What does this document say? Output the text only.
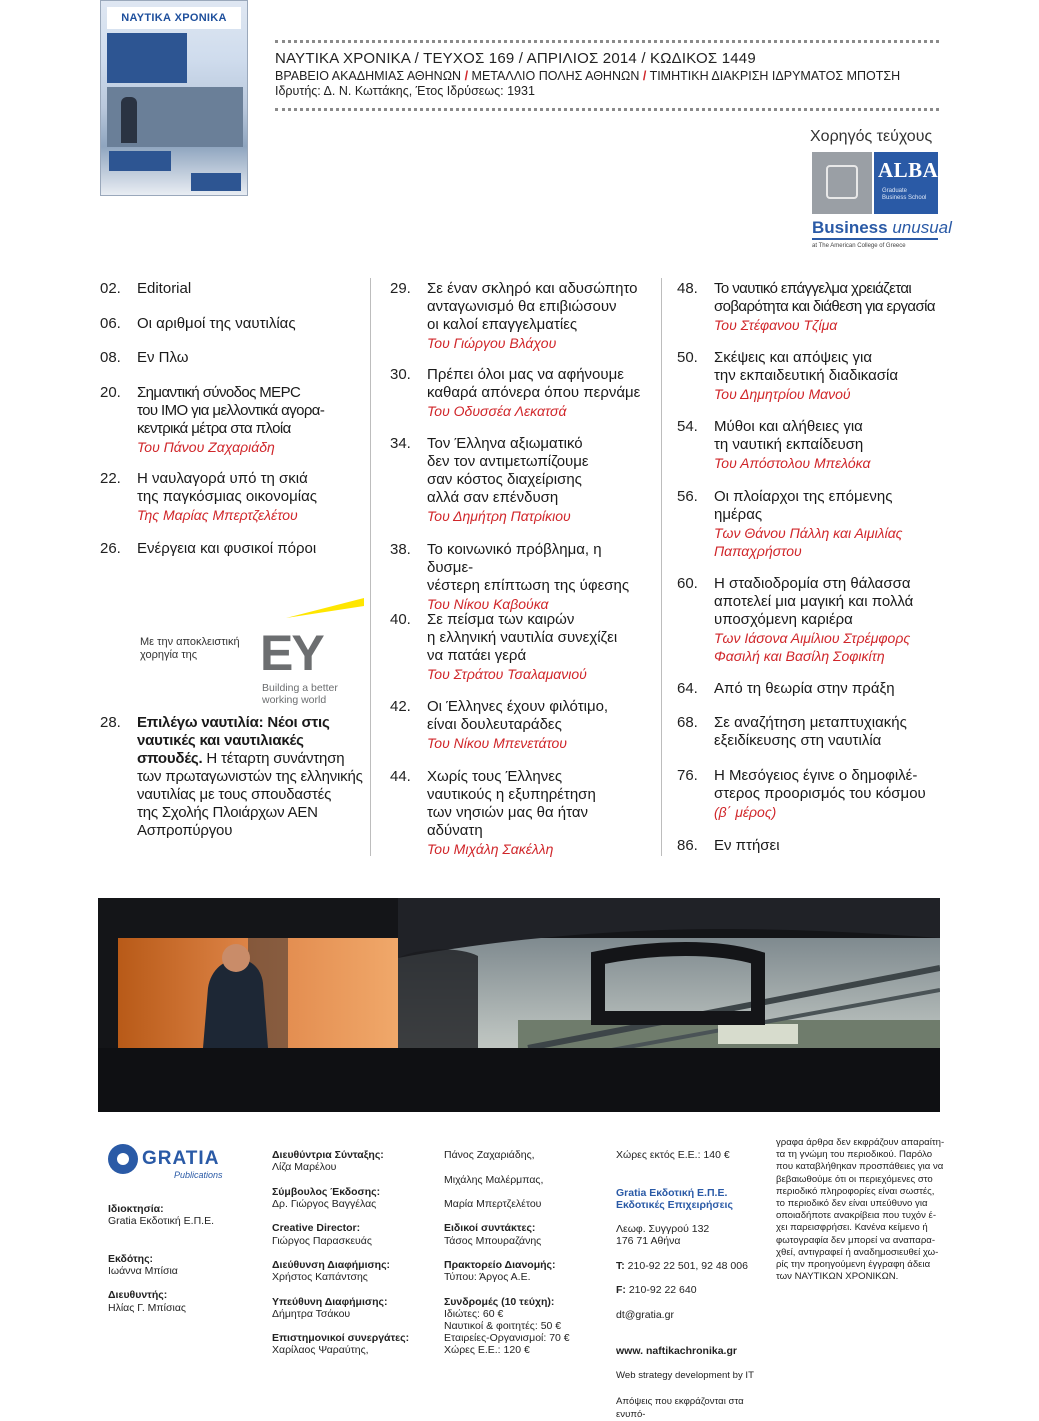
ΝΑΥΤΙΚΑ ΧΡΟΝΙΚΑ
ΝΑΥΤΙΚΑ ΧΡΟΝΙΚΑ / ΤΕΥΧΟΣ 169 / ΑΠΡΙΛΙΟΣ 2014 / ΚΩΔΙΚΟΣ 1449
ΒΡΑΒΕΙΟ ΑΚΑΔΗΜΙΑΣ ΑΘΗΝΩΝ / ΜΕΤΑΛΛΙΟ ΠΟΛΗΣ ΑΘΗΝΩΝ / ΤΙΜΗΤΙΚΗ ΔΙΑΚΡΙΣΗ ΙΔΡΥΜΑΤΟΣ ΜΠΟΤΣΗ
Ιδρυτής: Δ. Ν. Κωττάκης, Έτος Ιδρύσεως: 1931
Χορηγός τεύχους
ALBA
Graduate
Business School
Business unusual
at The American College of Greece
02. Editorial
06. Οι αριθμοί της ναυτιλίας
08. Εν Πλω
20. Σημαντική σύνοδος ΜΕΡC
του ΙΜΟ για μελλοντικά αγορα-
κεντρικά μέτρα στα πλοία
Του Πάνου Ζαχαριάδη
22. Η ναυλαγορά υπό τη σκιά
της παγκόσμιας οικονομίας
Της Μαρίας Μπερτζελέτου
26. Ενέργεια και φυσικοί πόροι
Με την αποκλειστική
χορηγία της	EY
Building a better
working world
28. Επιλέγω ναυτιλία: Νέοι στις
ναυτικές και ναυτιλιακές
σπουδές. Η τέταρτη συνάντηση
των πρωταγωνιστών της ελληνικής
ναυτιλίας με τους σπουδαστές
της Σχολής Πλοιάρχων ΑΕΝ
Ασπροπύργου
29. Σε έναν σκληρό και αδυσώπητο
ανταγωνισμό θα επιβιώσουν
οι καλοί επαγγελματίες
Του Γιώργου Βλάχου
30. Πρέπει όλοι μας να αφήνουμε
καθαρά απόνερα όπου περνάμε
Του Οδυσσέα Λεκατσά
34. Τον Έλληνα αξιωματικό
δεν τον αντιμετωπίζουμε
σαν κόστος διαχείρισης
αλλά σαν επένδυση
Του Δημήτρη Πατρίκιου
38. Το κοινωνικό πρόβλημα, η δυσμε-
νέστερη επίπτωση της ύφεσης
Του Νίκου Καβούκα
40. Σε πείσμα των καιρών
η ελληνική ναυτιλία συνεχίζει
να πατάει γερά
Του Στράτου Τσαλαμανιού
42. Οι Έλληνες έχουν φιλότιμο,
είναι δουλευταράδες
Του Νίκου Μπενετάτου
44. Χωρίς τους Έλληνες
ναυτικούς η εξυπηρέτηση
των νησιών μας θα ήταν
αδύνατη
Του Μιχάλη Σακέλλη
48. Το ναυτικό επάγγελμα χρειάζεται
σοβαρότητα και διάθεση για εργασία
Του Στέφανου Τζίμα
50. Σκέψεις και απόψεις για
την εκπαιδευτική διαδικασία
Του Δημητρίου Μανού
54. Μύθοι και αλήθειες για
τη ναυτική εκπαίδευση
Του Απόστολου Μπελόκα
56. Οι πλοίαρχοι της επόμενης
ημέρας
Των Θάνου Πάλλη και Αιμιλίας
Παπαχρήστου
60. Η σταδιοδρομία στη θάλασσα
αποτελεί μια μαγική και πολλά
υποσχόμενη καριέρα
Των Ιάσονα Αιμίλιου Στρέμφορς
Φασιλή και Βασίλη Σοφικίτη
64. Από τη θεωρία στην πράξη
68. Σε αναζήτηση μεταπτυχιακής
εξειδίκευσης στη ναυτιλία
76. Η Μεσόγειος έγινε ο δημοφιλέ-
στερος προορισμός του κόσμου
(β΄ μέρος)
86. Εν πτήσει
GRATIA
Publications

Ιδιοκτησία:
Gratia Εκδοτική Ε.Π.Ε.

Εκδότης:
Ιωάννα Μπίσια

Διευθυντής:
Ηλίας Γ. Μπίσιας

Διευθύντρια Σύνταξης:
Λίζα Μαρέλου

Σύμβουλος Έκδοσης:
Δρ. Γιώργος Βαγγέλας

Creative Director:
Γιώργος Παρασκευάς

Διεύθυνση Διαφήμισης:
Χρήστος Καπάντσης

Υπεύθυνη Διαφήμισης:
Δήμητρα Τσάκου

Επιστημονικοί συνεργάτες:
Χαρίλαος Ψαραύτης,

Πάνος Ζαχαριάδης,

Μιχάλης Μαλέρμπας,

Μαρία Μπερτζελέτου

Ειδικοί συντάκτες:
Τάσος Μπουραζάνης

Πρακτορείο Διανομής:
Τύπου: Άργος Α.Ε.

Συνδρομές (10 τεύχη):
Ιδιώτες: 60 €
Ναυτικοί & φοιτητές: 50 €
Εταιρείες-Οργανισμοί: 70 €
Χώρες Ε.Ε.: 120 €

Χώρες εκτός Ε.Ε.: 140 €

Gratia Εκδοτική Ε.Π.Ε.
Εκδοτικές Επιχειρήσεις

Λεωφ. Συγγρού 132
176 71 Αθήνα

Τ: 210-92 22 501, 92 48 006

F: 210-92 22 640

dt@gratia.gr

www. naftikachronika.gr

Web strategy development by IT

Απόψεις που εκφράζονται στα ενυπό-

γραφα άρθρα δεν εκφράζουν απαραίτη-
τα τη γνώμη του περιοδικού. Παρόλο
που καταβλήθηκαν προσπάθειες για να
βεβαιωθούμε ότι οι περιεχόμενες στο
περιοδικό πληροφορίες είναι σωστές,
το περιοδικό δεν είναι υπεύθυνο για
οποιαδήποτε ανακρίβεια που τυχόν έ-
χει παρεισφρήσει. Κανένα κείμενο ή
φωτογραφία δεν μπορεί να αναπαρα-
χθεί, αντιγραφεί ή αναδημοσιευθεί χω-
ρίς την προηγούμενη έγγραφη άδεια
των ΝΑΥΤΙΚΩΝ ΧΡΟΝΙΚΩΝ.
